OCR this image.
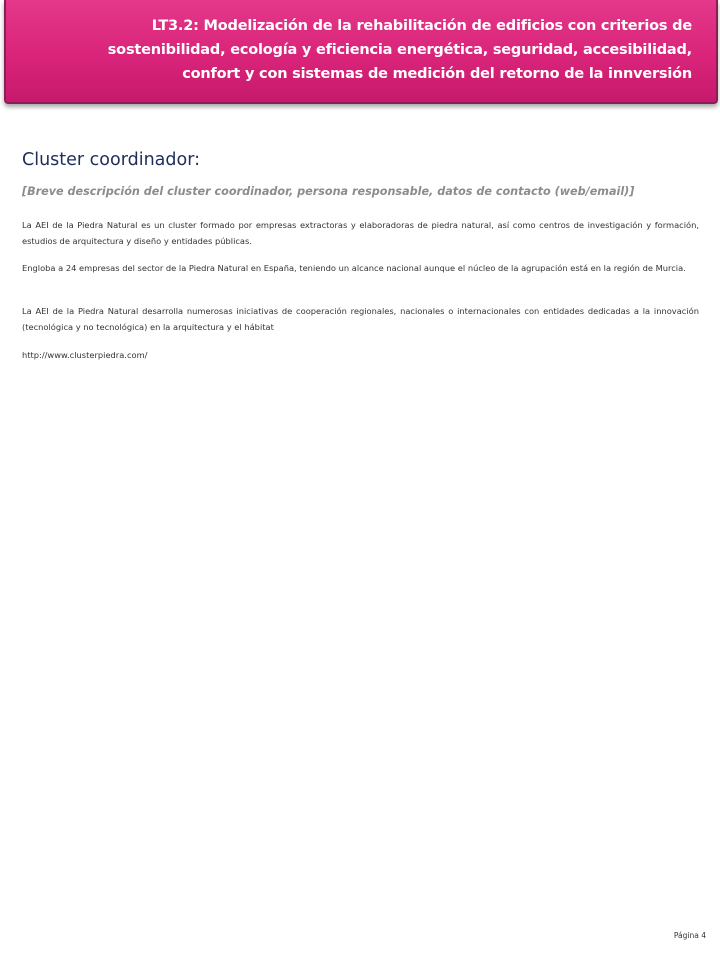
LT3.2: Modelización de la rehabilitación de edificios con criterios de sostenibilidad, ecología y eficiencia energética, seguridad, accesibilidad, confort y con sistemas de medición del retorno de la innversión
Cluster coordinador:

[Breve descripción del cluster coordinador, persona responsable, datos de contacto (web/email)]

La AEI de la Piedra Natural es un cluster formado por empresas extractoras y elaboradoras de piedra natural, así como centros de investigación y formación, estudios de arquitectura y diseño y entidades públicas.

Engloba a 24 empresas del sector de la Piedra Natural en España, teniendo un alcance nacional aunque el núcleo de la agrupación está en la región de Murcia.

La AEI de la Piedra Natural desarrolla numerosas iniciativas de cooperación regionales, nacionales o internacionales con entidades dedicadas a la innovación (tecnológica y no tecnológica) en la arquitectura y el hábitat

http://www.clusterpiedra.com/

Página 4
